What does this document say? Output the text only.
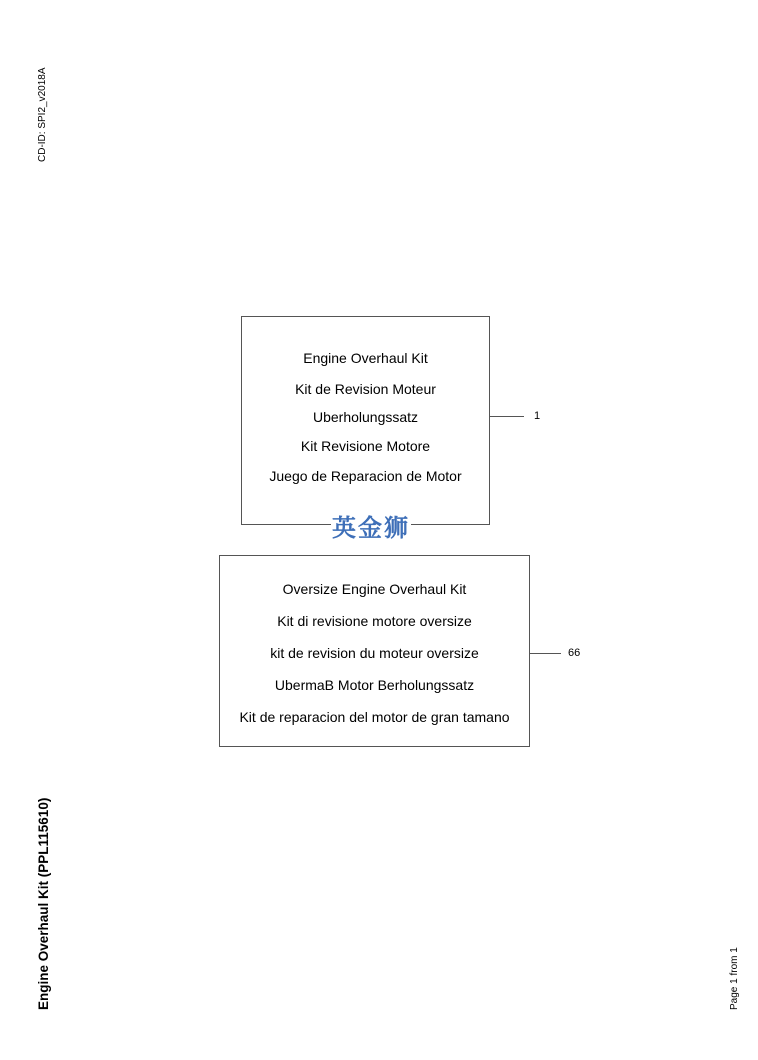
CD-ID: SPI2_v2018A
Engine Overhaul Kit
Kit de Revision Moteur
Uberholungssatz
Kit Revisione Motore
Juego de Reparacion de Motor
1
英金狮
Oversize Engine Overhaul Kit
Kit di revisione motore oversize
kit de revision du moteur oversize
UbermaB Motor Berholungssatz
Kit de reparacion del motor de gran tamano
66
Engine Overhaul Kit (PPL115610)	Page 1 from 1
